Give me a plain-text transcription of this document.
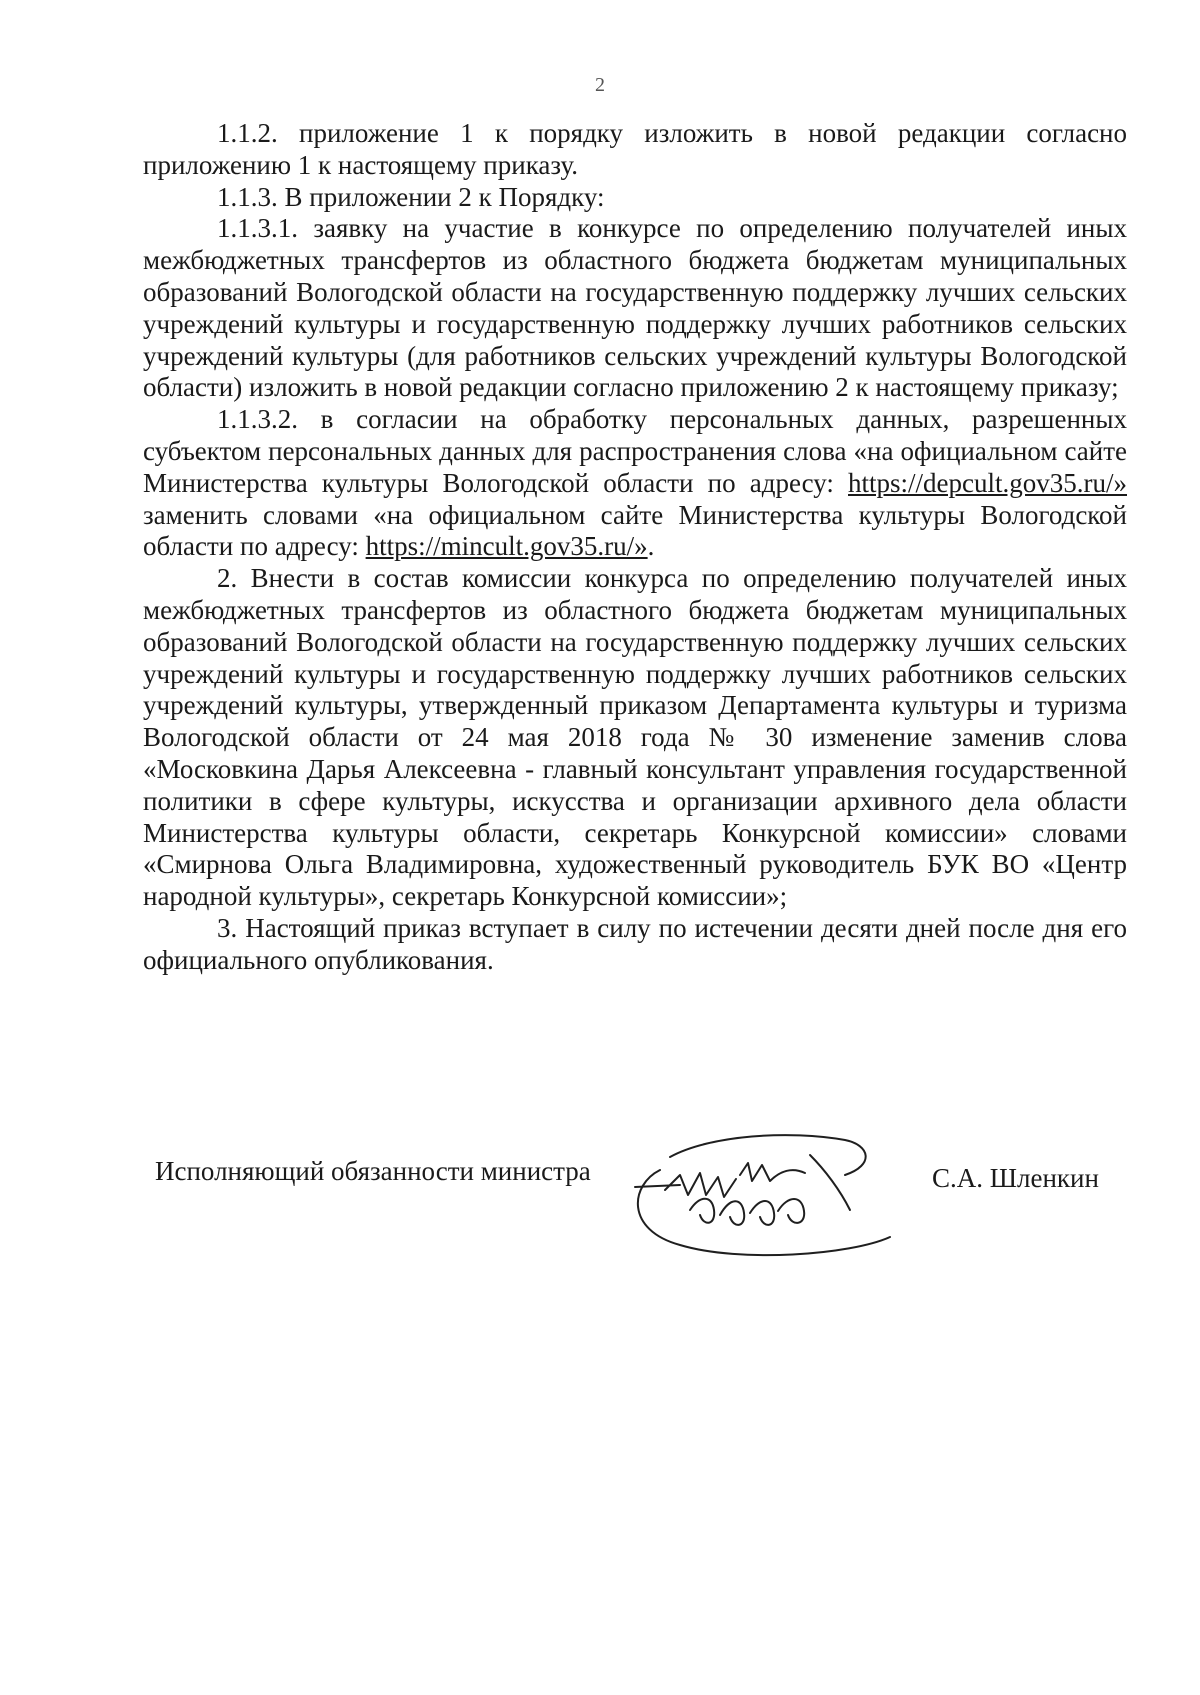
2

1.1.2. приложение 1 к порядку изложить в новой редакции согласно приложению 1 к настоящему приказу.

1.1.3. В приложении 2 к Порядку:

1.1.3.1. заявку на участие в конкурсе по определению получателей иных межбюджетных трансфертов из областного бюджета бюджетам муниципальных образований Вологодской области на государственную поддержку лучших сельских учреждений культуры и государственную поддержку лучших работников сельских учреждений культуры (для работников сельских учреждений культуры Вологодской области) изложить в новой редакции согласно приложению 2 к настоящему приказу;

1.1.3.2. в согласии на обработку персональных данных, разрешенных субъектом персональных данных для распространения слова «на официальном сайте Министерства культуры Вологодской области по адресу: https://depcult.gov35.ru/» заменить словами «на официальном сайте Министерства культуры Вологодской области по адресу: https://mincult.gov35.ru/».

2. Внести в состав комиссии конкурса по определению получателей иных межбюджетных трансфертов из областного бюджета бюджетам муниципальных образований Вологодской области на государственную поддержку лучших сельских учреждений культуры и государственную поддержку лучших работников сельских учреждений культуры, утвержденный приказом Департамента культуры и туризма Вологодской области от 24 мая 2018 года № 30 изменение заменив слова «Московкина Дарья Алексеевна - главный консультант управления государственной политики в сфере культуры, искусства и организации архивного дела области Министерства культуры области, секретарь Конкурсной комиссии» словами «Смирнова Ольга Владимировна, художественный руководитель БУК ВО «Центр народной культуры», секретарь Конкурсной комиссии»;

3. Настоящий приказ вступает в силу по истечении десяти дней после дня его официального опубликования.

Исполняющий обязанности министра	С.А. Шленкин
